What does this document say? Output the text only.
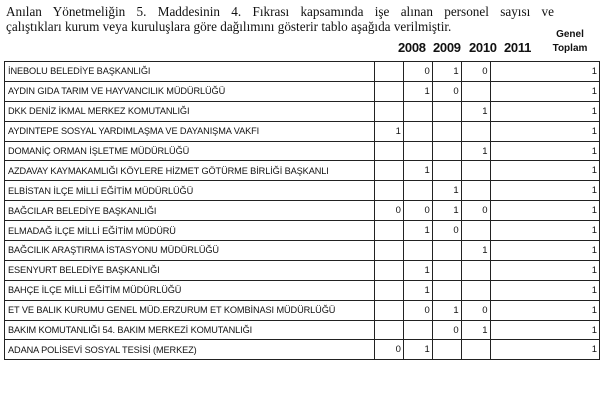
Anılan Yönetmeliğin 5. Maddesinin 4. Fıkrası kapsamında işe alınan personel sayısı ve
çalıştıkları kurum veya kuruluşlara göre dağılımını gösterir tablo aşağıda verilmiştir.
2008 2009 2010 2011
Genel
Toplam
İNEBOLU BELEDİYE BAŞKANLIĞI		0	1	0	1
AYDIN GIDA TARIM VE HAYVANCILIK MÜDÜRLÜĞÜ		1	0		1
DKK DENİZ İKMAL MERKEZ KOMUTANLIĞI				1	1
AYDINTEPE SOSYAL YARDIMLAŞMA VE DAYANIŞMA VAKFI	1				1
DOMANİÇ ORMAN İŞLETME MÜDÜRLÜĞÜ				1	1
AZDAVAY KAYMAKAMLIĞI KÖYLERE HİZMET GÖTÜRME BİRLİĞİ BAŞKANLI		1			1
ELBİSTAN İLÇE MİLLİ EĞİTİM MÜDÜRLÜĞÜ			1		1
BAĞCILAR BELEDİYE BAŞKANLIĞI	0	0	1	0	1
ELMADAĞ İLÇE MİLLİ EĞİTİM MÜDÜRÜ		1	0		1
BAĞCILIK ARAŞTIRMA İSTASYONU MÜDÜRLÜĞÜ				1	1
ESENYURT BELEDİYE BAŞKANLIĞI		1			1
BAHÇE İLÇE MİLLİ EĞİTİM MÜDÜRLÜĞÜ		1			1
ET VE BALIK KURUMU GENEL MÜD.ERZURUM ET KOMBİNASI MÜDÜRLÜĞÜ		0	1	0	1
BAKIM KOMUTANLIĞI 54. BAKIM MERKEZİ KOMUTANLIĞI			0	1	1
ADANA POLİSEVİ SOSYAL TESİSİ (MERKEZ)	0	1			1
